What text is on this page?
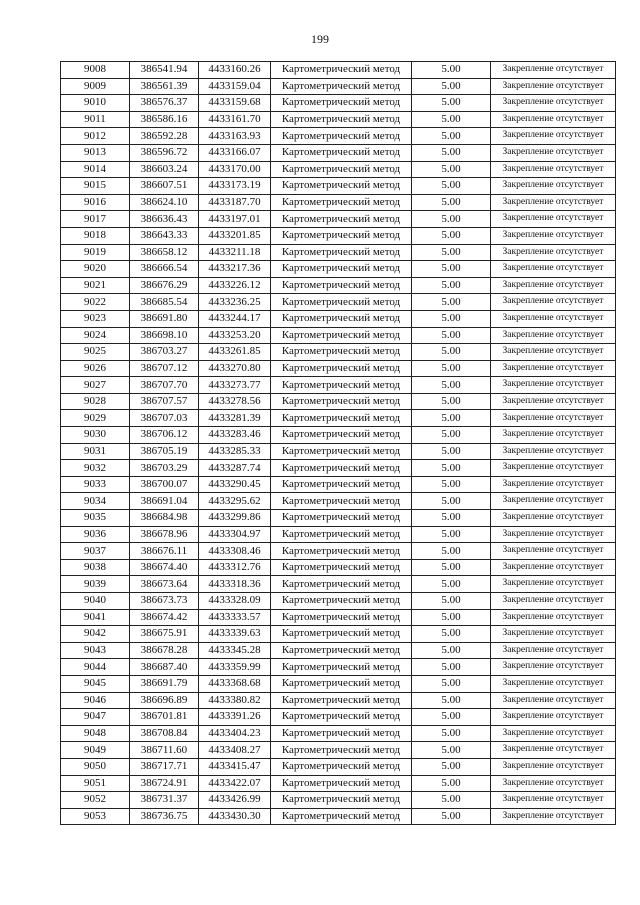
199
9008	386541.94	4433160.26	Картометрический метод	5.00	Закрепление отсутствует
9009	386561.39	4433159.04	Картометрический метод	5.00	Закрепление отсутствует
9010	386576.37	4433159.68	Картометрический метод	5.00	Закрепление отсутствует
9011	386586.16	4433161.70	Картометрический метод	5.00	Закрепление отсутствует
9012	386592.28	4433163.93	Картометрический метод	5.00	Закрепление отсутствует
9013	386596.72	4433166.07	Картометрический метод	5.00	Закрепление отсутствует
9014	386603.24	4433170.00	Картометрический метод	5.00	Закрепление отсутствует
9015	386607.51	4433173.19	Картометрический метод	5.00	Закрепление отсутствует
9016	386624.10	4433187.70	Картометрический метод	5.00	Закрепление отсутствует
9017	386636.43	4433197.01	Картометрический метод	5.00	Закрепление отсутствует
9018	386643.33	4433201.85	Картометрический метод	5.00	Закрепление отсутствует
9019	386658.12	4433211.18	Картометрический метод	5.00	Закрепление отсутствует
9020	386666.54	4433217.36	Картометрический метод	5.00	Закрепление отсутствует
9021	386676.29	4433226.12	Картометрический метод	5.00	Закрепление отсутствует
9022	386685.54	4433236.25	Картометрический метод	5.00	Закрепление отсутствует
9023	386691.80	4433244.17	Картометрический метод	5.00	Закрепление отсутствует
9024	386698.10	4433253.20	Картометрический метод	5.00	Закрепление отсутствует
9025	386703.27	4433261.85	Картометрический метод	5.00	Закрепление отсутствует
9026	386707.12	4433270.80	Картометрический метод	5.00	Закрепление отсутствует
9027	386707.70	4433273.77	Картометрический метод	5.00	Закрепление отсутствует
9028	386707.57	4433278.56	Картометрический метод	5.00	Закрепление отсутствует
9029	386707.03	4433281.39	Картометрический метод	5.00	Закрепление отсутствует
9030	386706.12	4433283.46	Картометрический метод	5.00	Закрепление отсутствует
9031	386705.19	4433285.33	Картометрический метод	5.00	Закрепление отсутствует
9032	386703.29	4433287.74	Картометрический метод	5.00	Закрепление отсутствует
9033	386700.07	4433290.45	Картометрический метод	5.00	Закрепление отсутствует
9034	386691.04	4433295.62	Картометрический метод	5.00	Закрепление отсутствует
9035	386684.98	4433299.86	Картометрический метод	5.00	Закрепление отсутствует
9036	386678.96	4433304.97	Картометрический метод	5.00	Закрепление отсутствует
9037	386676.11	4433308.46	Картометрический метод	5.00	Закрепление отсутствует
9038	386674.40	4433312.76	Картометрический метод	5.00	Закрепление отсутствует
9039	386673.64	4433318.36	Картометрический метод	5.00	Закрепление отсутствует
9040	386673.73	4433328.09	Картометрический метод	5.00	Закрепление отсутствует
9041	386674.42	4433333.57	Картометрический метод	5.00	Закрепление отсутствует
9042	386675.91	4433339.63	Картометрический метод	5.00	Закрепление отсутствует
9043	386678.28	4433345.28	Картометрический метод	5.00	Закрепление отсутствует
9044	386687.40	4433359.99	Картометрический метод	5.00	Закрепление отсутствует
9045	386691.79	4433368.68	Картометрический метод	5.00	Закрепление отсутствует
9046	386696.89	4433380.82	Картометрический метод	5.00	Закрепление отсутствует
9047	386701.81	4433391.26	Картометрический метод	5.00	Закрепление отсутствует
9048	386708.84	4433404.23	Картометрический метод	5.00	Закрепление отсутствует
9049	386711.60	4433408.27	Картометрический метод	5.00	Закрепление отсутствует
9050	386717.71	4433415.47	Картометрический метод	5.00	Закрепление отсутствует
9051	386724.91	4433422.07	Картометрический метод	5.00	Закрепление отсутствует
9052	386731.37	4433426.99	Картометрический метод	5.00	Закрепление отсутствует
9053	386736.75	4433430.30	Картометрический метод	5.00	Закрепление отсутствует
